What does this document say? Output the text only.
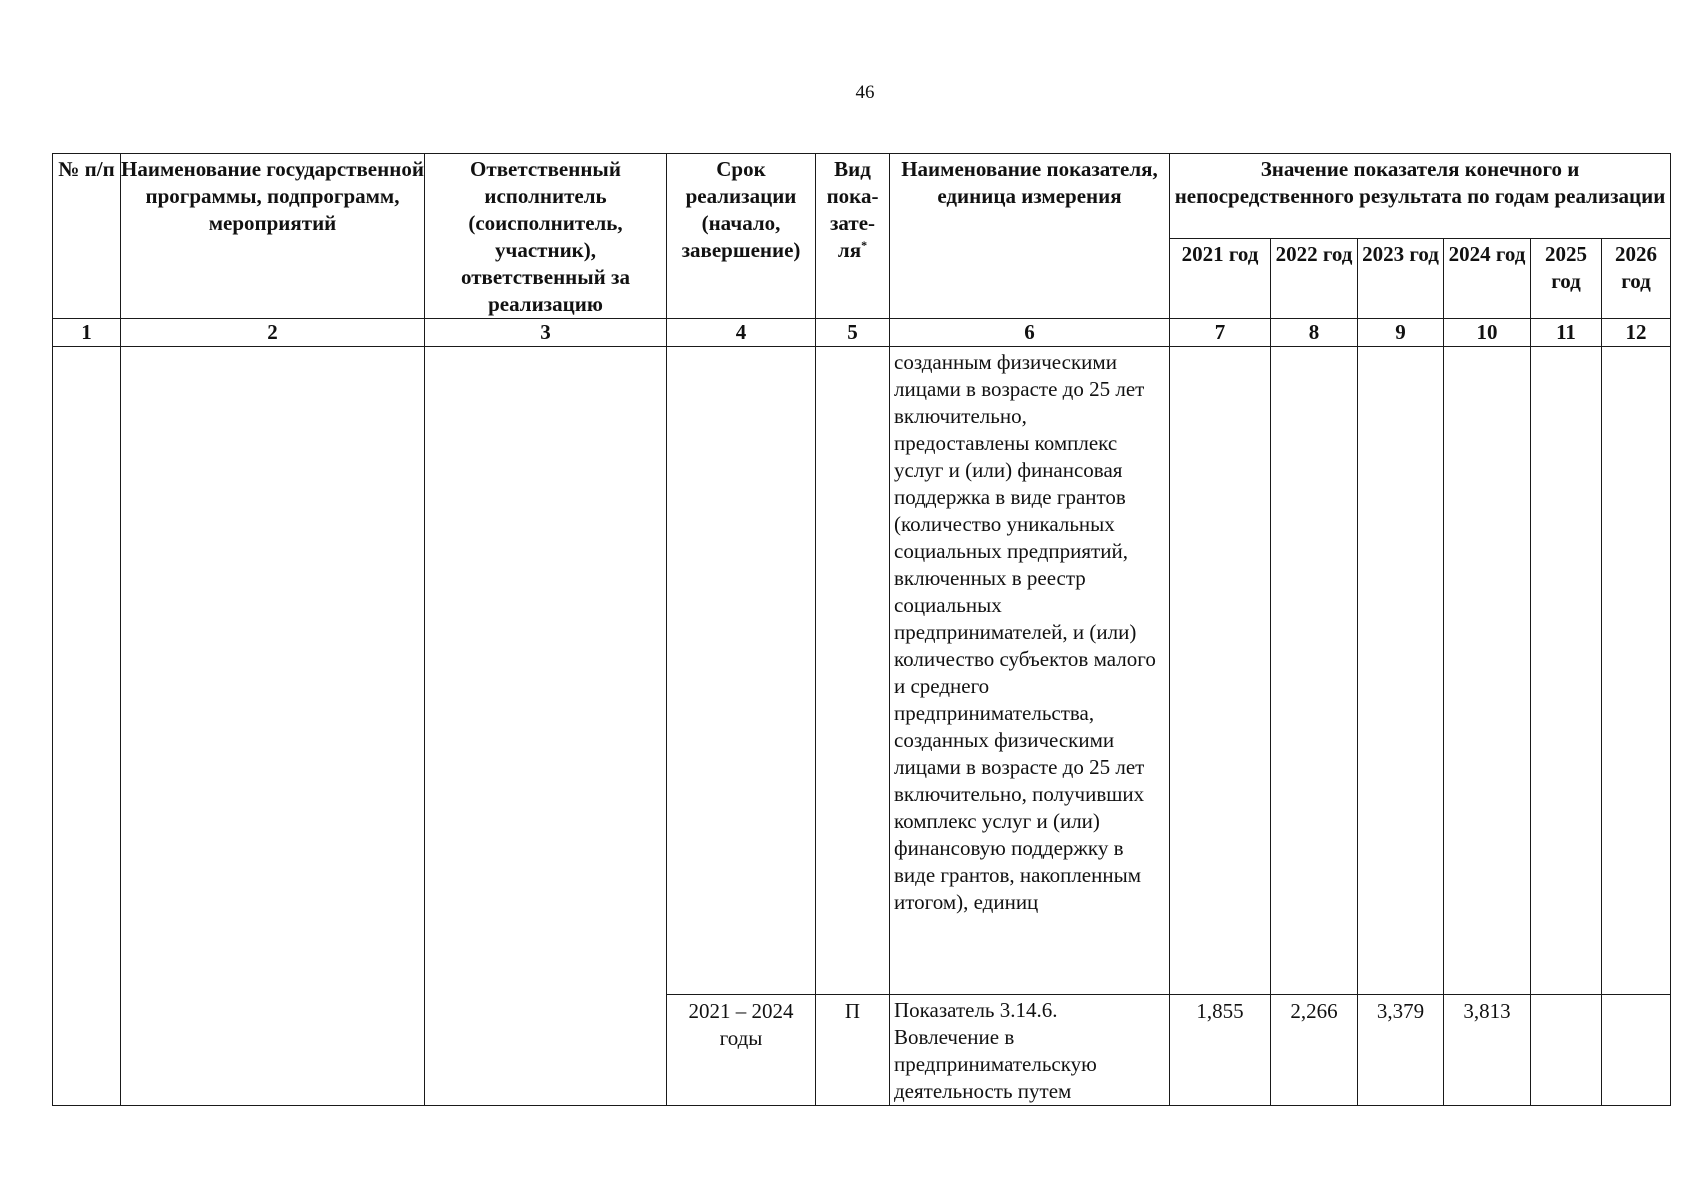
46
№ п/п	Наименование государственной программы, подпрограмм, мероприятий	Ответственный исполнитель (соисполнитель, участник), ответственный за реализацию	Срок реализации (начало, завершение)	Вид пока- зате- ля*	Наименование показателя, единица измерения	Значение показателя конечного и непосредственного результата по годам реализации					
						2021 год	2022 год	2023 год	2024 год	2025 год	2026 год
1	2	3	4	5	6	7	8	9	10	11	12
					созданным физическими лицами в возрасте до 25 лет включительно, предоставлены комплекс услуг и (или) финансовая поддержка в виде грантов (количество уникальных социальных предприятий, включенных в реестр социальных предпринимателей, и (или) количество субъектов малого и среднего предпринимательства, созданных физическими лицами в возрасте до 25 лет включительно, получивших комплекс услуг и (или) финансовую поддержку в виде грантов, накопленным итогом), единиц						
			2021 – 2024 годы	П	Показатель 3.14.6. Вовлечение в предпринимательскую деятельность путем	1,855	2,266	3,379	3,813		
